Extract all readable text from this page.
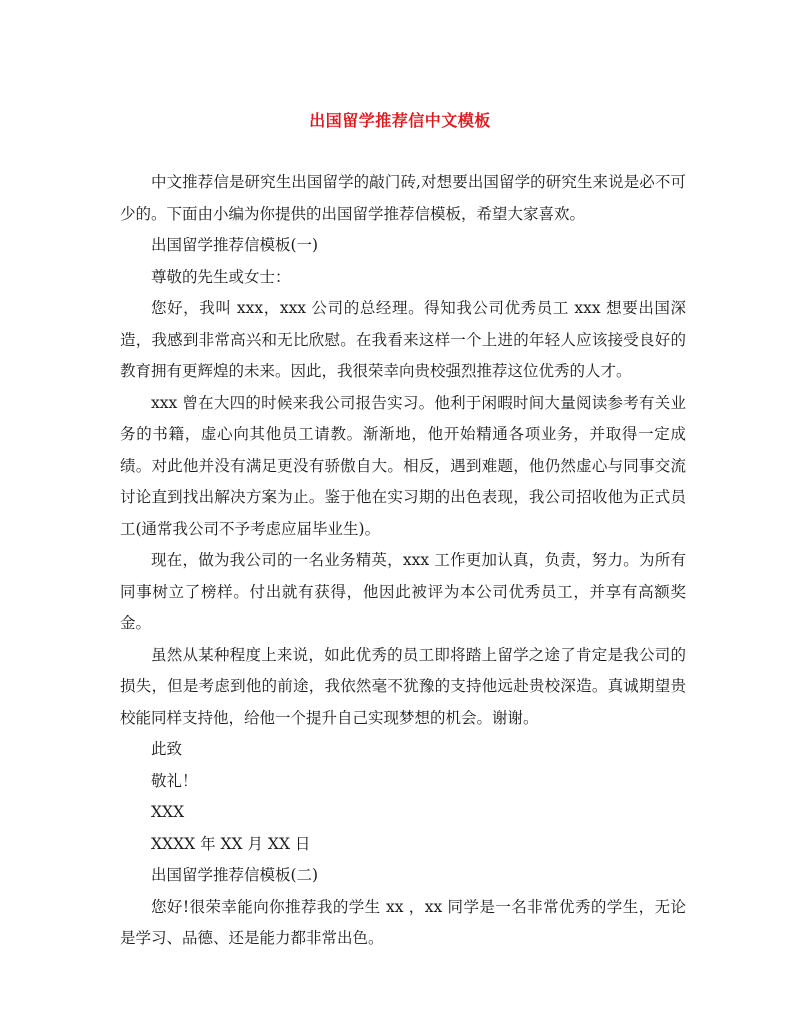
出国留学推荐信中文模板

中文推荐信是研究生出国留学的敲门砖,对想要出国留学的研究生来说是必不可少的。下面由小编为你提供的出国留学推荐信模板，希望大家喜欢。

出国留学推荐信模板(一)

尊敬的先生或女士：

您好，我叫 xxx，xxx 公司的总经理。得知我公司优秀员工 xxx 想要出国深造，我感到非常高兴和无比欣慰。在我看来这样一个上进的年轻人应该接受良好的教育拥有更辉煌的未来。因此，我很荣幸向贵校强烈推荐这位优秀的人才。

xxx 曾在大四的时候来我公司报告实习。他利于闲暇时间大量阅读参考有关业务的书籍，虚心向其他员工请教。渐渐地，他开始精通各项业务，并取得一定成绩。对此他并没有满足更没有骄傲自大。相反，遇到难题，他仍然虚心与同事交流讨论直到找出解决方案为止。鉴于他在实习期的出色表现，我公司招收他为正式员工(通常我公司不予考虑应届毕业生)。

现在，做为我公司的一名业务精英，xxx 工作更加认真，负责，努力。为所有同事树立了榜样。付出就有获得，他因此被评为本公司优秀员工，并享有高额奖金。

虽然从某种程度上来说，如此优秀的员工即将踏上留学之途了肯定是我公司的损失，但是考虑到他的前途，我依然毫不犹豫的支持他远赴贵校深造。真诚期望贵校能同样支持他，给他一个提升自己实现梦想的机会。谢谢。

此致

敬礼！

XXX

XXXX 年 XX 月 XX 日

出国留学推荐信模板(二)

您好!很荣幸能向你推荐我的学生 xx ，xx 同学是一名非常优秀的学生，无论是学习、品德、还是能力都非常出色。
